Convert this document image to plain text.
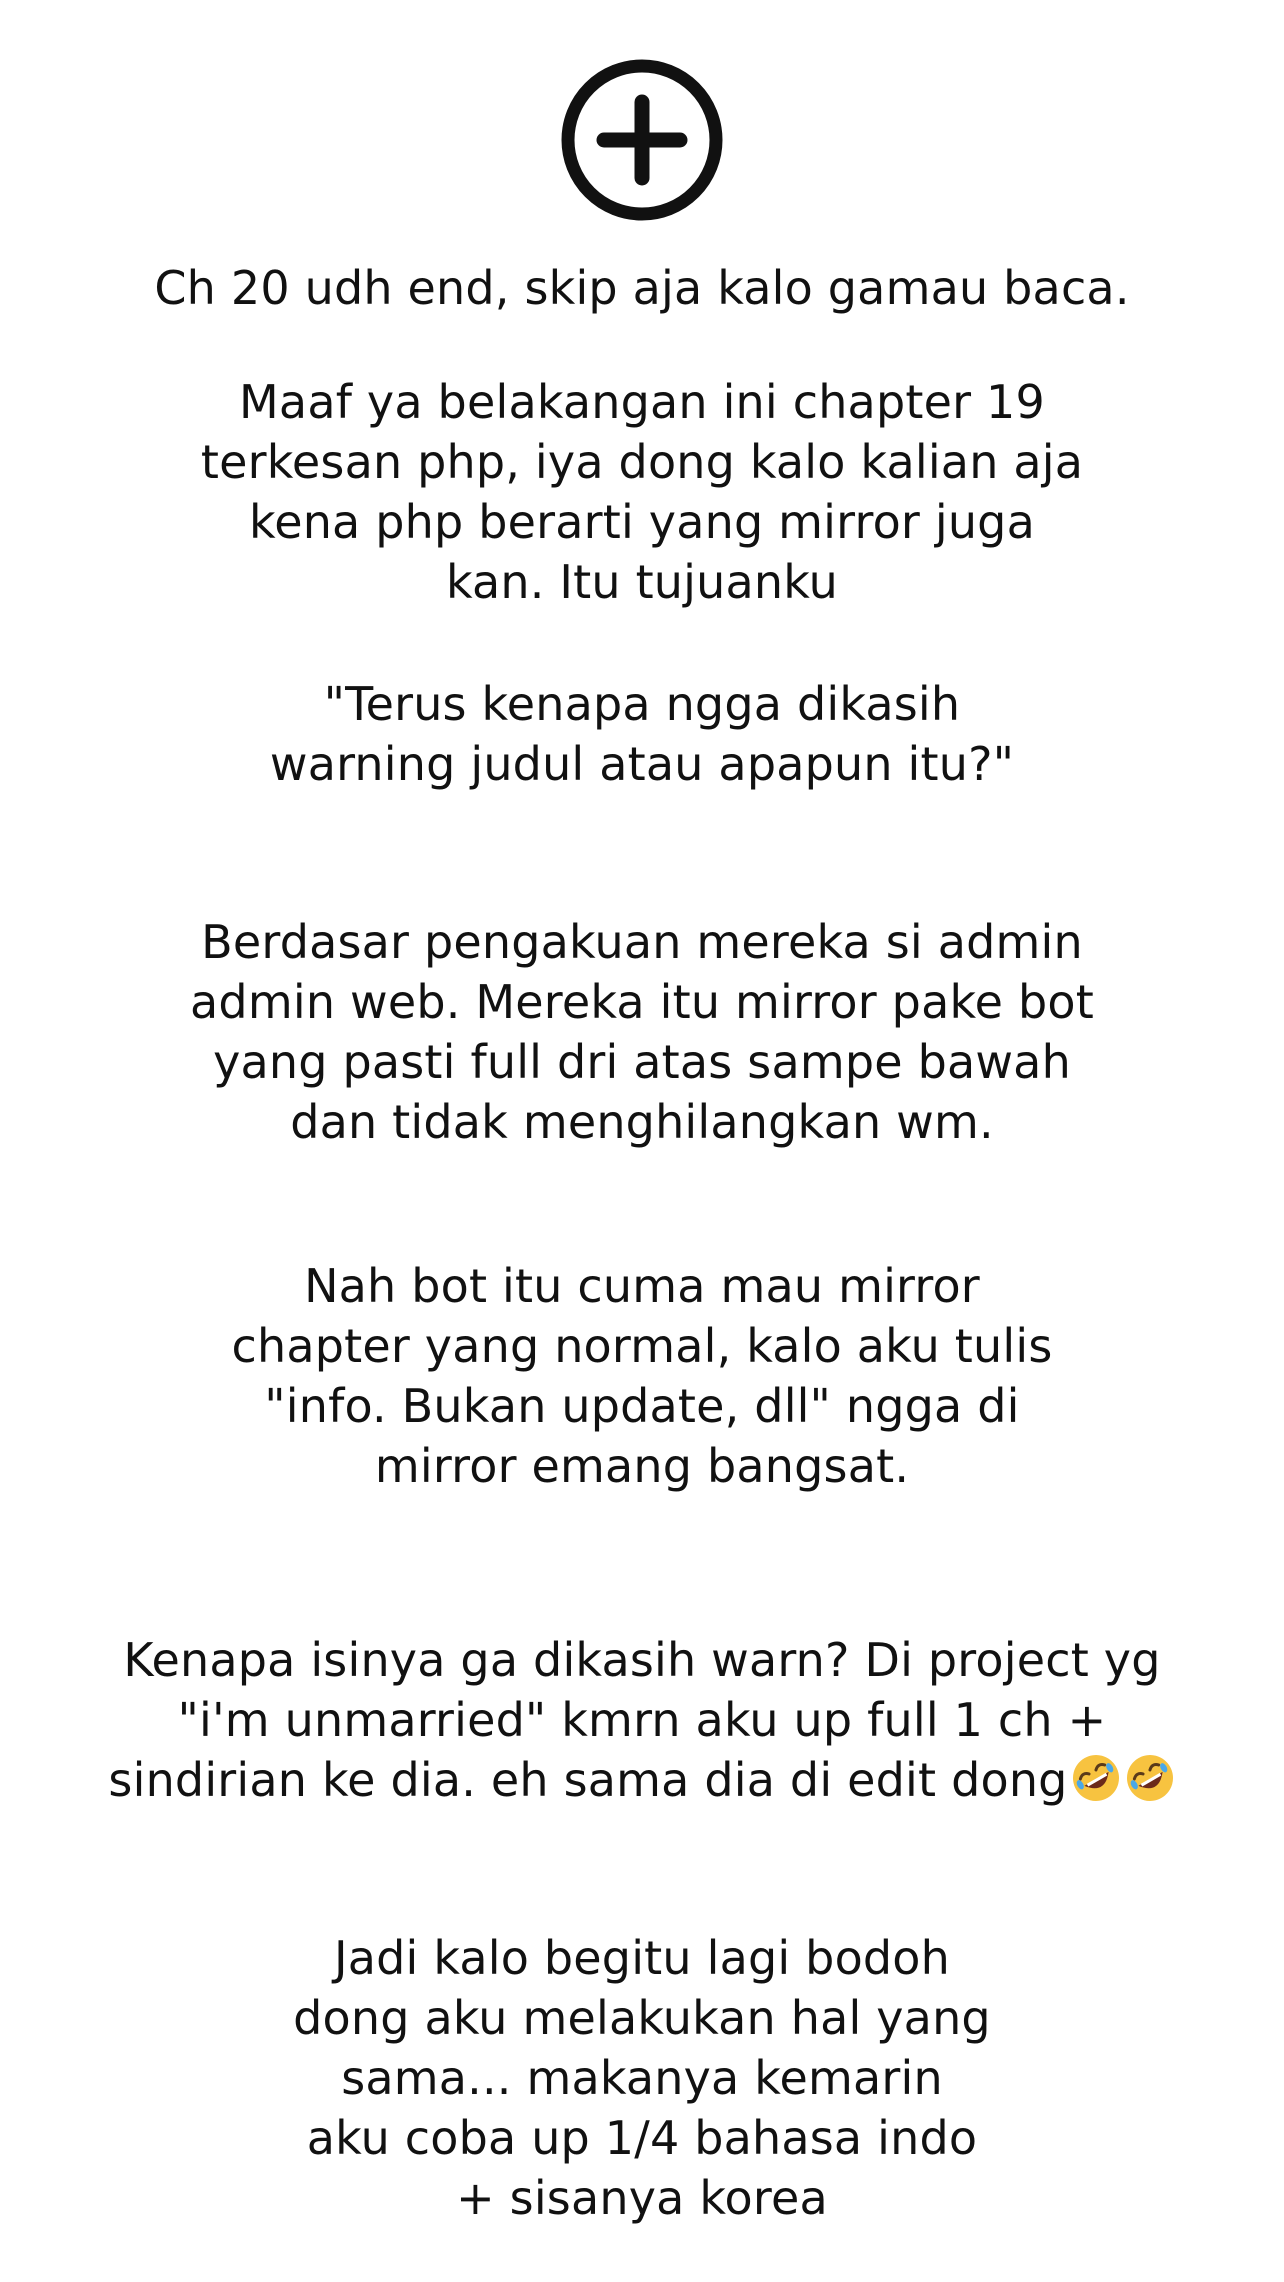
Ch 20 udh end, skip aja kalo gamau baca.
Maaf ya belakangan ini chapter 19
terkesan php, iya dong kalo kalian aja
kena php berarti yang mirror juga
kan. Itu tujuanku
"Terus kenapa ngga dikasih
warning judul atau apapun itu?"
Berdasar pengakuan mereka si admin
admin web. Mereka itu mirror pake bot
yang pasti full dri atas sampe bawah
dan tidak menghilangkan wm.
Nah bot itu cuma mau mirror
chapter yang normal, kalo aku tulis
"info. Bukan update, dll" ngga di
mirror emang bangsat.
Kenapa isinya ga dikasih warn? Di project yg
"i'm unmarried" kmrn aku up full 1 ch +
sindirian ke dia. eh sama dia di edit dong
Jadi kalo begitu lagi bodoh
dong aku melakukan hal yang
sama... makanya kemarin
aku coba up 1/4 bahasa indo
+ sisanya korea
